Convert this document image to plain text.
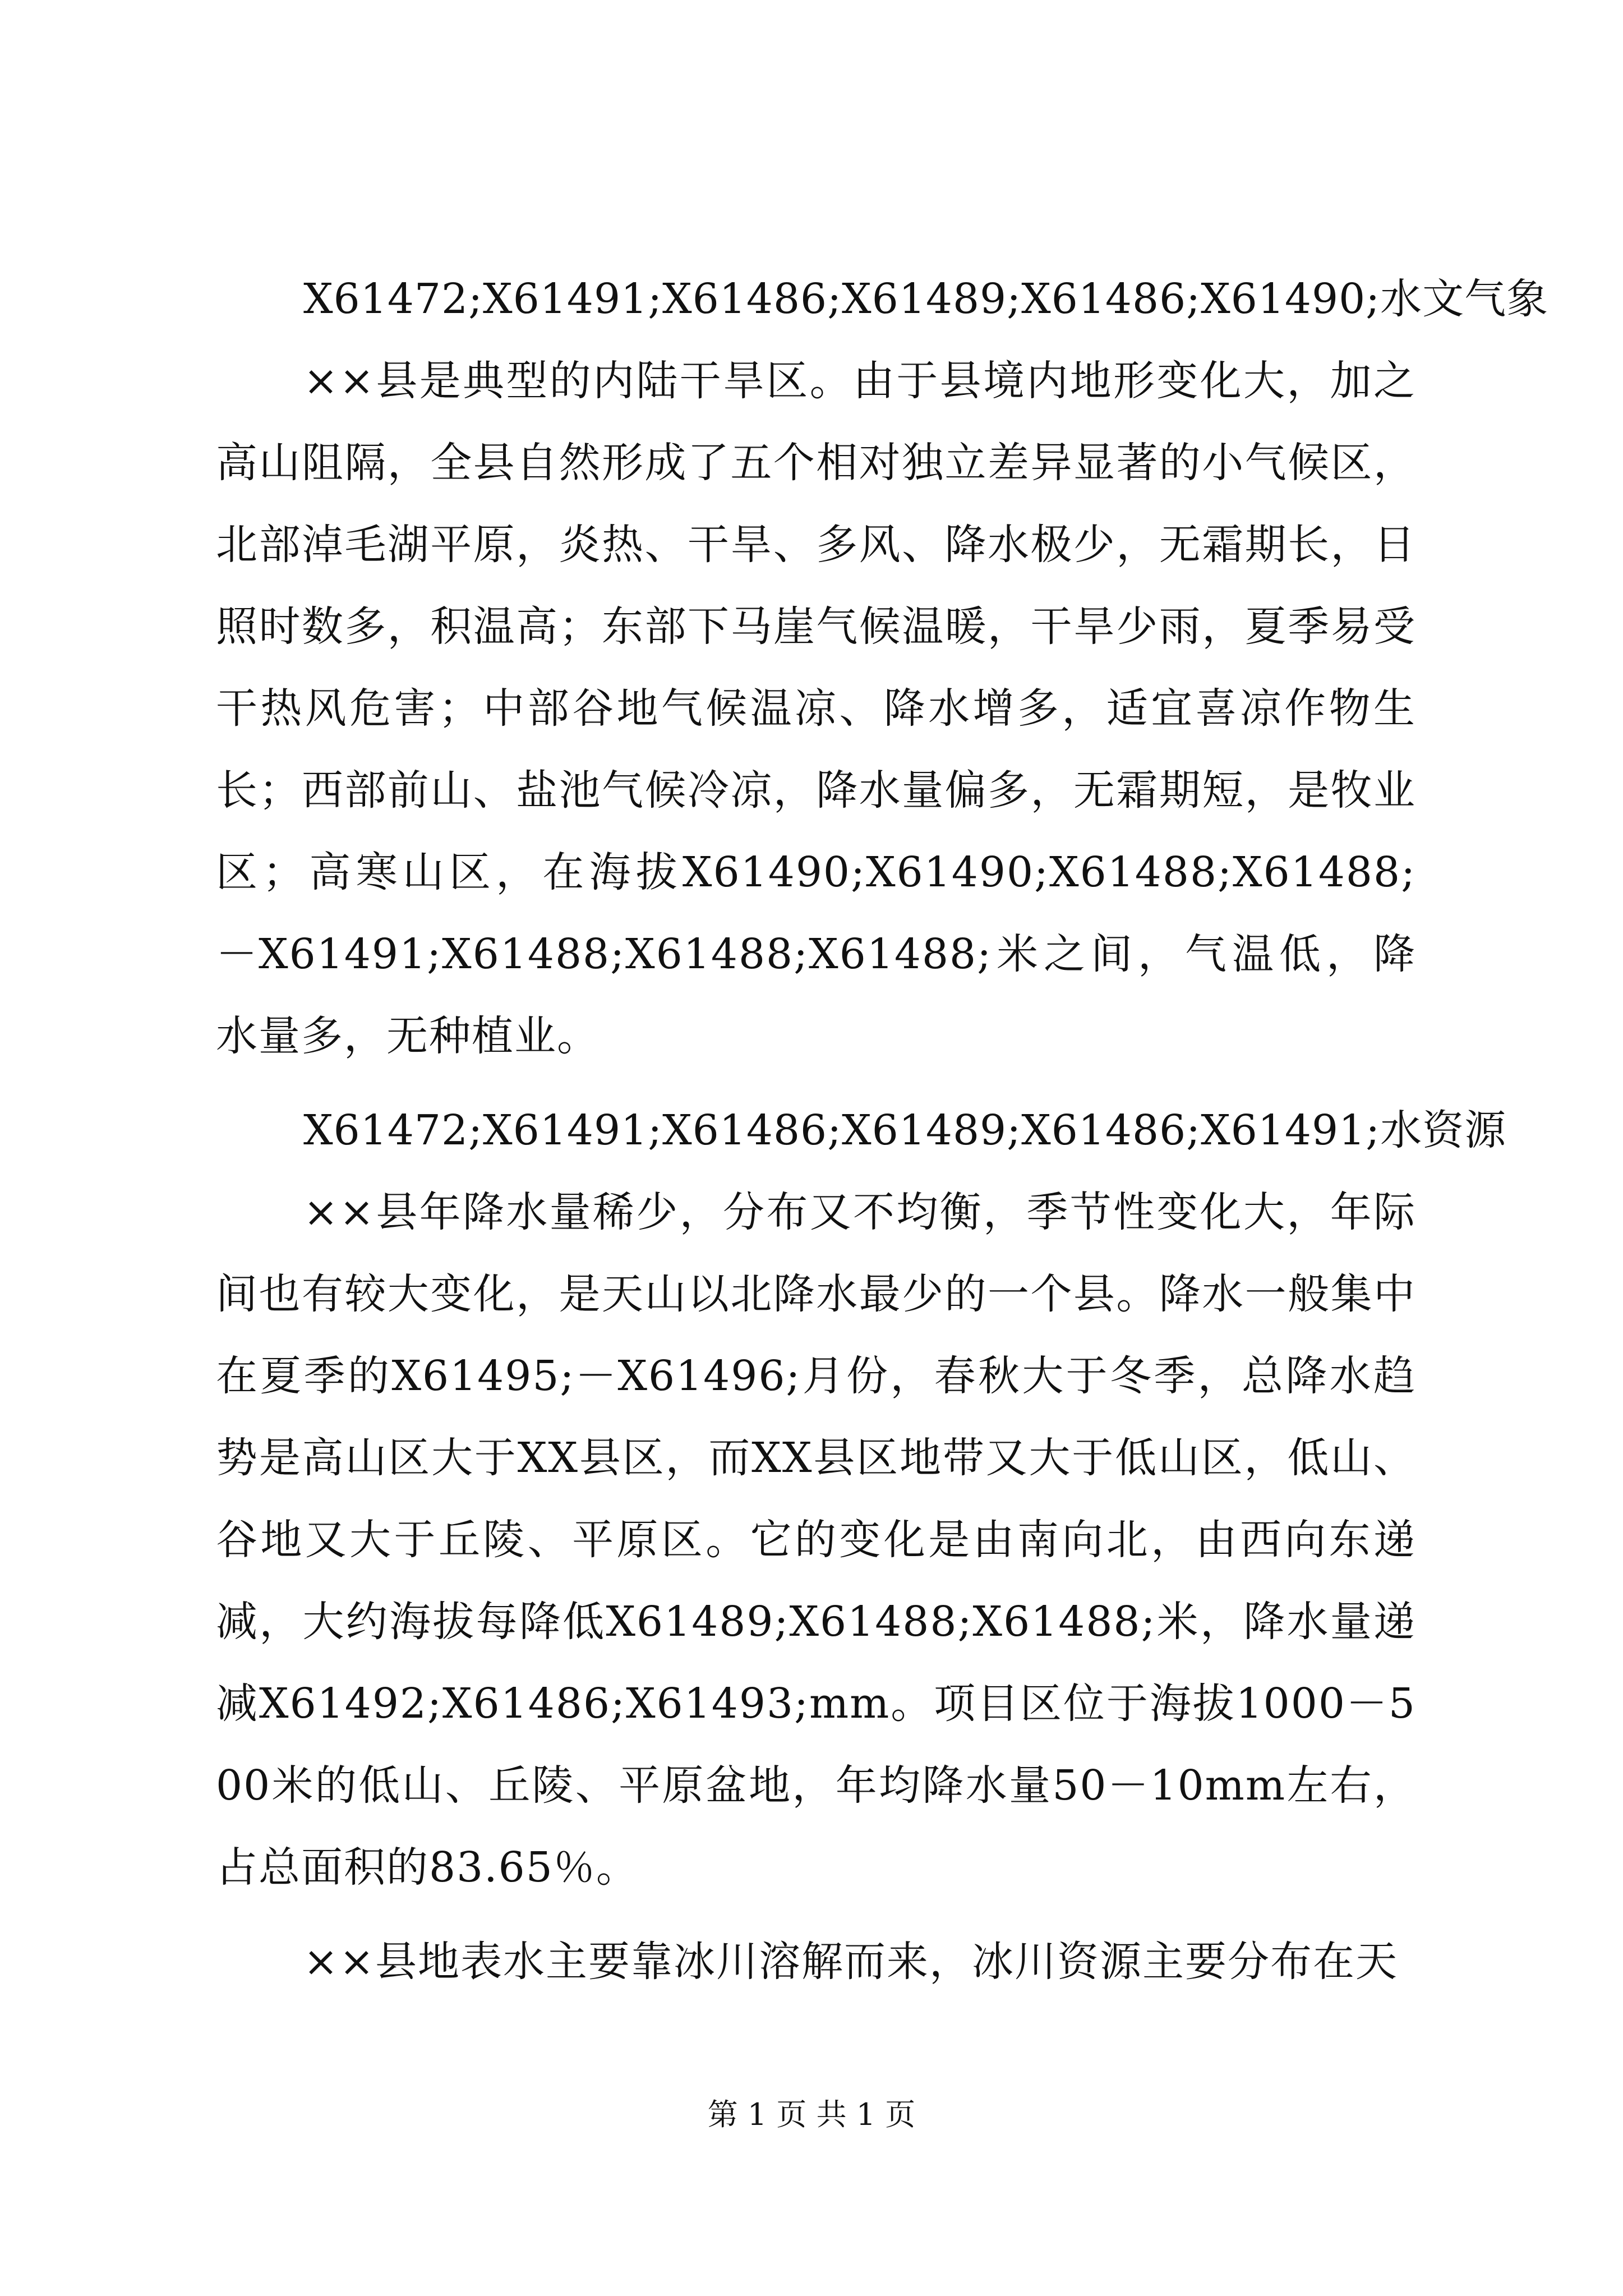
X61472;X61491;X61486;X61489;X61486;X61490;水文气象

××县是典型的内陆干旱区。由于县境内地形变化大，加之高山阻隔，全县自然形成了五个相对独立差异显著的小气候区，北部淖毛湖平原，炎热、干旱、多风、降水极少，无霜期长，日照时数多，积温高；东部下马崖气候温暖，干旱少雨，夏季易受干热风危害；中部谷地气候温凉、降水增多，适宜喜凉作物生长；西部前山、盐池气候冷凉，降水量偏多，无霜期短，是牧业区；高寒山区，在海拔X61490;X61490;X61488;X61488;－X61491;X61488;X61488;X61488;米之间，气温低，降水量多，无种植业。

X61472;X61491;X61486;X61489;X61486;X61491;水资源

××县年降水量稀少，分布又不均衡，季节性变化大，年际间也有较大变化，是天山以北降水最少的一个县。降水一般集中在夏季的X61495;－X61496;月份，春秋大于冬季，总降水趋势是高山区大于XX县区，而XX县区地带又大于低山区，低山、谷地又大于丘陵、平原区。它的变化是由南向北，由西向东递减，大约海拔每降低X61489;X61488;X61488;米，降水量递减X61492;X61486;X61493;mm。项目区位于海拔1000－500米的低山、丘陵、平原盆地，年均降水量50－10mm左右，占总面积的83.65％。

××县地表水主要靠冰川溶解而来，冰川资源主要分布在天

第 1 页 共 1 页
